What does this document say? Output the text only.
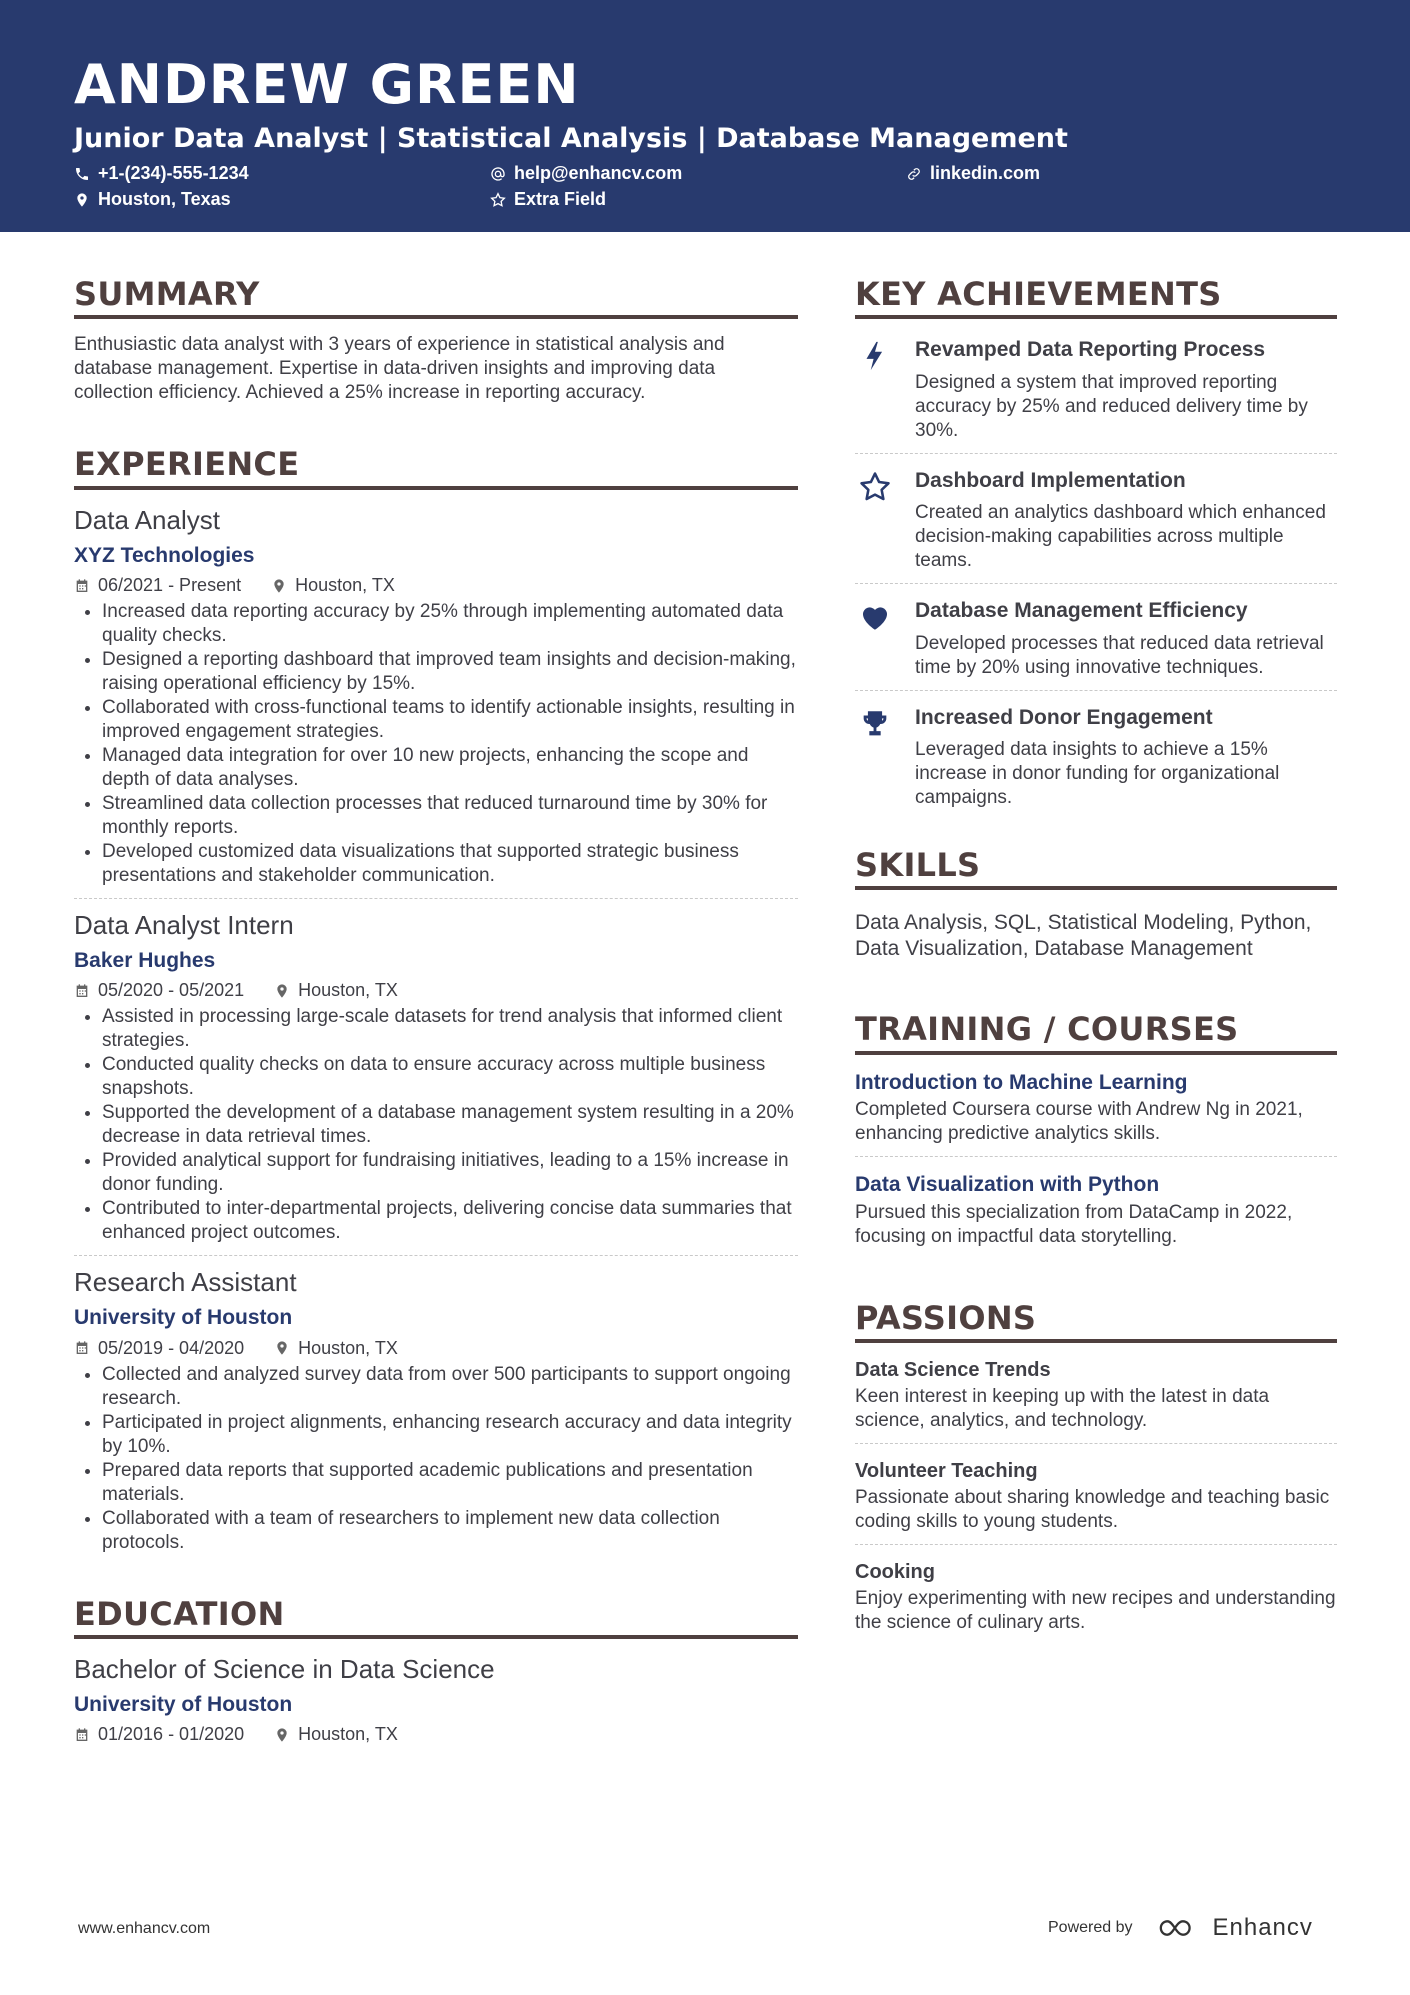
ANDREW GREEN
Junior Data Analyst | Statistical Analysis | Database Management
+1-(234)-555-1234	help@enhancv.com	linkedin.com
Houston, Texas	Extra Field
SUMMARY
Enthusiastic data analyst with 3 years of experience in statistical analysis and database management. Expertise in data-driven insights and improving data collection efficiency. Achieved a 25% increase in reporting accuracy.
EXPERIENCE
Data Analyst
XYZ Technologies
06/2021 - Present	Houston, TX
• Increased data reporting accuracy by 25% through implementing automated data quality checks.
• Designed a reporting dashboard that improved team insights and decision-making, raising operational efficiency by 15%.
• Collaborated with cross-functional teams to identify actionable insights, resulting in improved engagement strategies.
• Managed data integration for over 10 new projects, enhancing the scope and depth of data analyses.
• Streamlined data collection processes that reduced turnaround time by 30% for monthly reports.
• Developed customized data visualizations that supported strategic business presentations and stakeholder communication.
Data Analyst Intern
Baker Hughes
05/2020 - 05/2021	Houston, TX
• Assisted in processing large-scale datasets for trend analysis that informed client strategies.
• Conducted quality checks on data to ensure accuracy across multiple business snapshots.
• Supported the development of a database management system resulting in a 20% decrease in data retrieval times.
• Provided analytical support for fundraising initiatives, leading to a 15% increase in donor funding.
• Contributed to inter-departmental projects, delivering concise data summaries that enhanced project outcomes.
Research Assistant
University of Houston
05/2019 - 04/2020	Houston, TX
• Collected and analyzed survey data from over 500 participants to support ongoing research.
• Participated in project alignments, enhancing research accuracy and data integrity by 10%.
• Prepared data reports that supported academic publications and presentation materials.
• Collaborated with a team of researchers to implement new data collection protocols.
EDUCATION
Bachelor of Science in Data Science
University of Houston
01/2016 - 01/2020	Houston, TX
KEY ACHIEVEMENTS
Revamped Data Reporting Process
Designed a system that improved reporting accuracy by 25% and reduced delivery time by 30%.
Dashboard Implementation
Created an analytics dashboard which enhanced decision-making capabilities across multiple teams.
Database Management Efficiency
Developed processes that reduced data retrieval time by 20% using innovative techniques.
Increased Donor Engagement
Leveraged data insights to achieve a 15% increase in donor funding for organizational campaigns.
SKILLS
Data Analysis, SQL, Statistical Modeling, Python, Data Visualization, Database Management
TRAINING / COURSES
Introduction to Machine Learning
Completed Coursera course with Andrew Ng in 2021, enhancing predictive analytics skills.
Data Visualization with Python
Pursued this specialization from DataCamp in 2022, focusing on impactful data storytelling.
PASSIONS
Data Science Trends
Keen interest in keeping up with the latest in data science, analytics, and technology.
Volunteer Teaching
Passionate about sharing knowledge and teaching basic coding skills to young students.
Cooking
Enjoy experimenting with new recipes and understanding the science of culinary arts.
www.enhancv.com	Powered by	Enhancv
